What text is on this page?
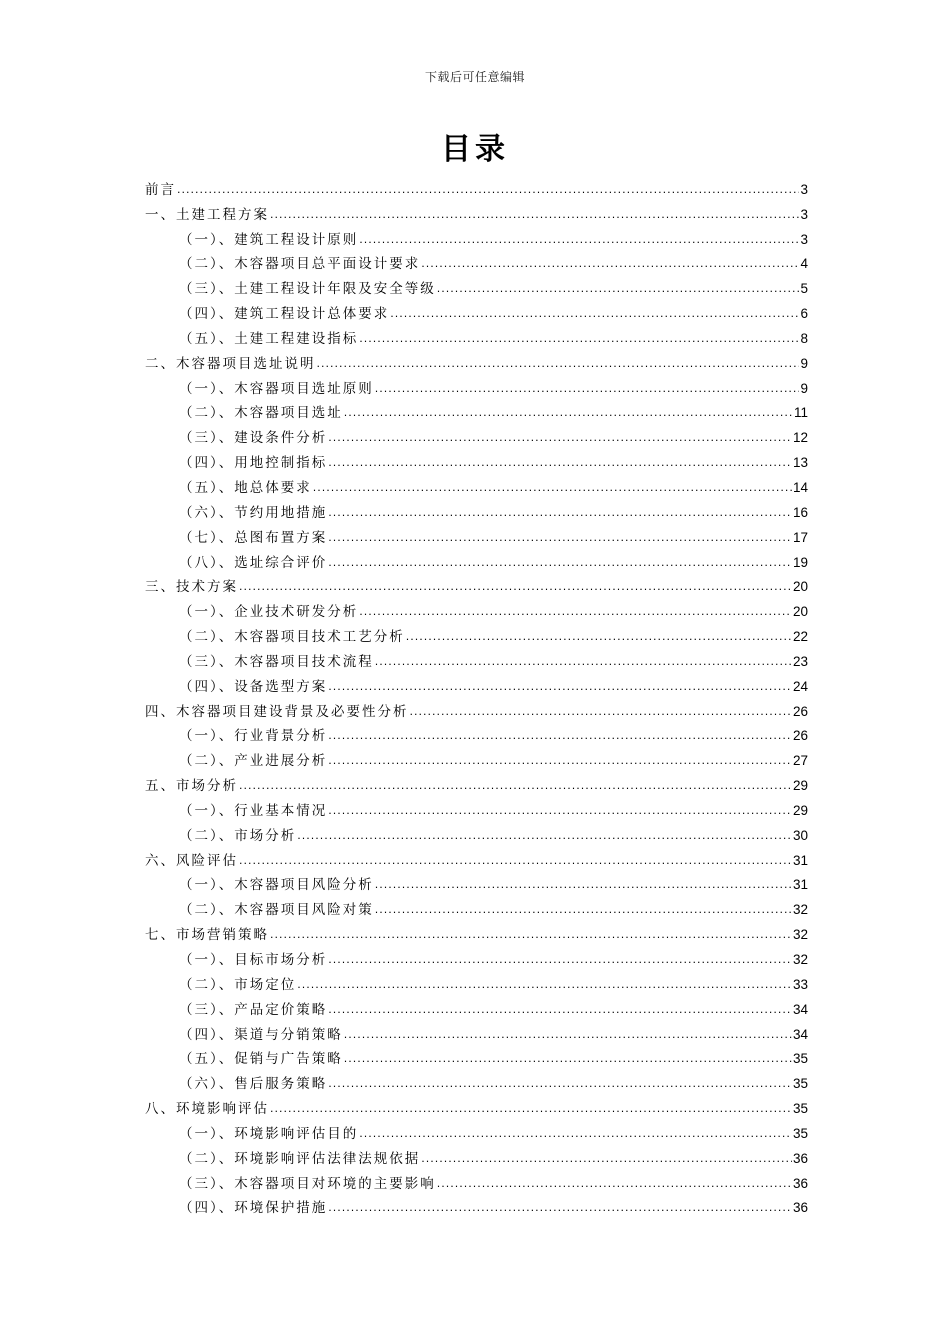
下载后可任意编辑
目录
前言 .....	3
一、土建工程方案 .....	3
（一）、建筑工程设计原则 .....	3
（二）、木容器项目总平面设计要求 .....	4
（三）、土建工程设计年限及安全等级 .....	5
（四）、建筑工程设计总体要求 .....	6
（五）、土建工程建设指标 .....	8
二、木容器项目选址说明 .....	9
（一）、木容器项目选址原则 .....	9
（二）、木容器项目选址 .....	11
（三）、建设条件分析 .....	12
（四）、用地控制指标 .....	13
（五）、地总体要求 .....	14
（六）、节约用地措施 .....	16
（七）、总图布置方案 .....	17
（八）、选址综合评价 .....	19
三、技术方案 .....	20
（一）、企业技术研发分析 .....	20
（二）、木容器项目技术工艺分析 .....	22
（三）、木容器项目技术流程 .....	23
（四）、设备选型方案 .....	24
四、木容器项目建设背景及必要性分析 .....	26
（一）、行业背景分析 .....	26
（二）、产业进展分析 .....	27
五、市场分析 .....	29
（一）、行业基本情况 .....	29
（二）、市场分析 .....	30
六、风险评估 .....	31
（一）、木容器项目风险分析 .....	31
（二）、木容器项目风险对策 .....	32
七、市场营销策略 .....	32
（一）、目标市场分析 .....	32
（二）、市场定位 .....	33
（三）、产品定价策略 .....	34
（四）、渠道与分销策略 .....	34
（五）、促销与广告策略 .....	35
（六）、售后服务策略 .....	35
八、环境影响评估 .....	35
（一）、环境影响评估目的 .....	35
（二）、环境影响评估法律法规依据 .....	36
（三）、木容器项目对环境的主要影响 .....	36
（四）、环境保护措施 .....	36
